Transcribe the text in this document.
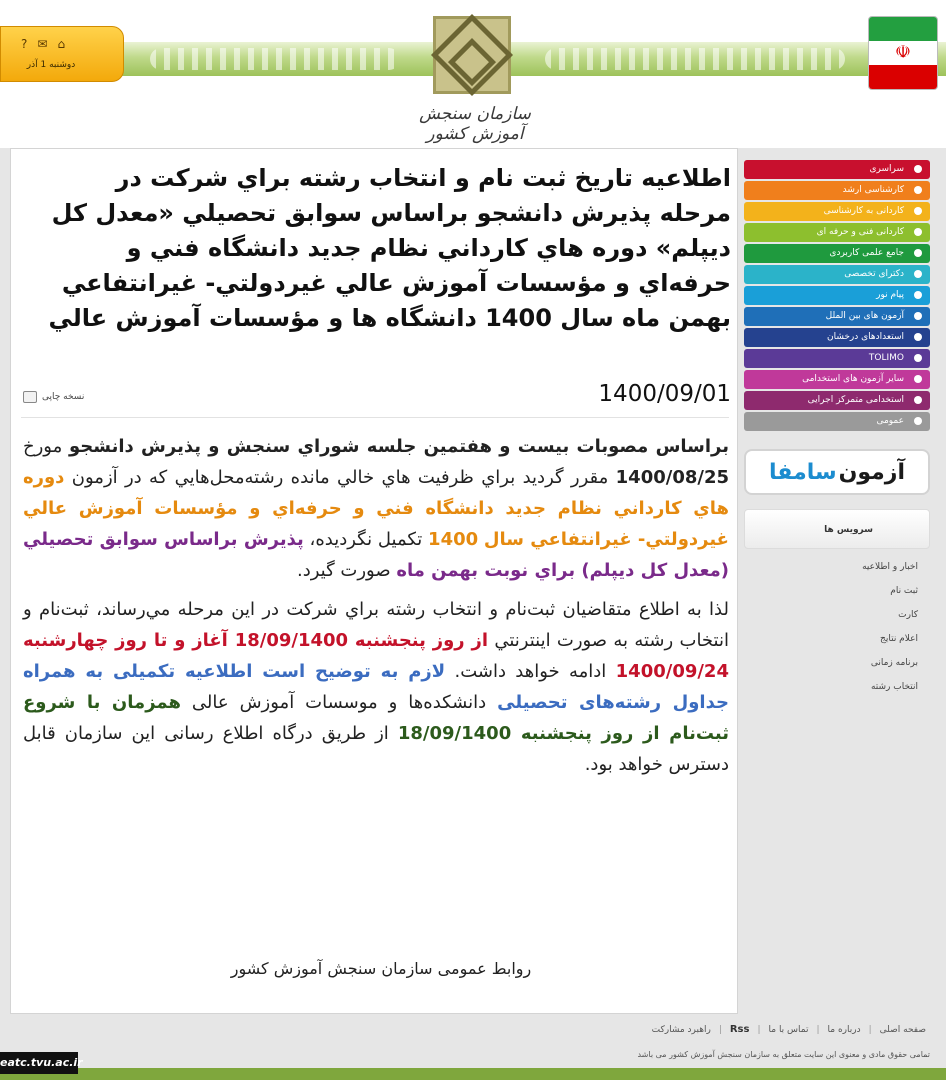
سازمان سنجش آموزش کشور
? ✉ ⌂
دوشنبه 1 آذر
☫
اطلاعيه تاريخ ثبت نام و انتخاب رشته براي شركت در مرحله پذيرش دانشجو براساس سوابق تحصيلي «معدل كل ديپلم» دوره هاي كارداني نظام جديد دانشگاه فني و حرفه‌اي و مؤسسات آموزش عالي غيردولتي- غيرانتفاعي بهمن ماه سال 1400 دانشگاه ها و مؤسسات آموزش عالي
نسخه چاپی	1400/09/01

براساس مصوبات بيست و هفتمين جلسه شوراي سنجش و پذيرش دانشجو مورخ 1400/08/25 مقرر گرديد براي ظرفيت هاي خالي مانده رشته‌محل‌هايي كه در آزمون دوره هاي كارداني نظام جديد دانشگاه فني و حرفه‌اي و مؤسسات آموزش عالي غيردولتي- غيرانتفاعي سال 1400 تكميل نگرديده، پذيرش براساس سوابق تحصيلي (معدل كل ديپلم) براي نوبت بهمن ماه صورت گيرد.

لذا به اطلاع متقاضيان ثبت‌نام و انتخاب رشته براي شركت در اين مرحله مي‌رساند، ثبت‌نام و انتخاب رشته به صورت اينترنتي از روز پنجشنبه 18/09/1400 آغاز و تا روز چهارشنبه 1400/09/24 ادامه خواهد داشت. لازم به توضیح است اطلاعیه تکمیلی به همراه جداول رشته‌های تحصیلی دانشکده‌ها و موسسات آموزش عالی همزمان با شروع ثبت‌نام از روز پنجشنبه 18/09/1400 از طریق درگاه اطلاع رسانی این سازمان قابل دسترس خواهد بود.

روابط عمومی سازمان سنجش آموزش کشور
سراسری
کارشناسی ارشد
کاردانی به کارشناسی
کاردانی فنی و حرفه ای
جامع علمی کاربردی
دکترای تخصصی
پیام نور
آزمون های بین الملل
استعدادهای درخشان
TOLIMO
سایر آزمون های استخدامی
استخدامی متمرکز اجرایی
عمومی
آزمون
سامفا
سرویس ها
اخبار و اطلاعیه
ثبت نام
کارت
اعلام نتایج
برنامه زمانی
انتخاب رشته
صفحه اصلی
|
درباره ما
|
تماس با ما
|
Rss
|
راهبرد مشارکت
تمامی حقوق مادی و معنوی این سایت متعلق به سازمان سنجش آموزش کشور می باشد
eatc.tvu.ac.ir
